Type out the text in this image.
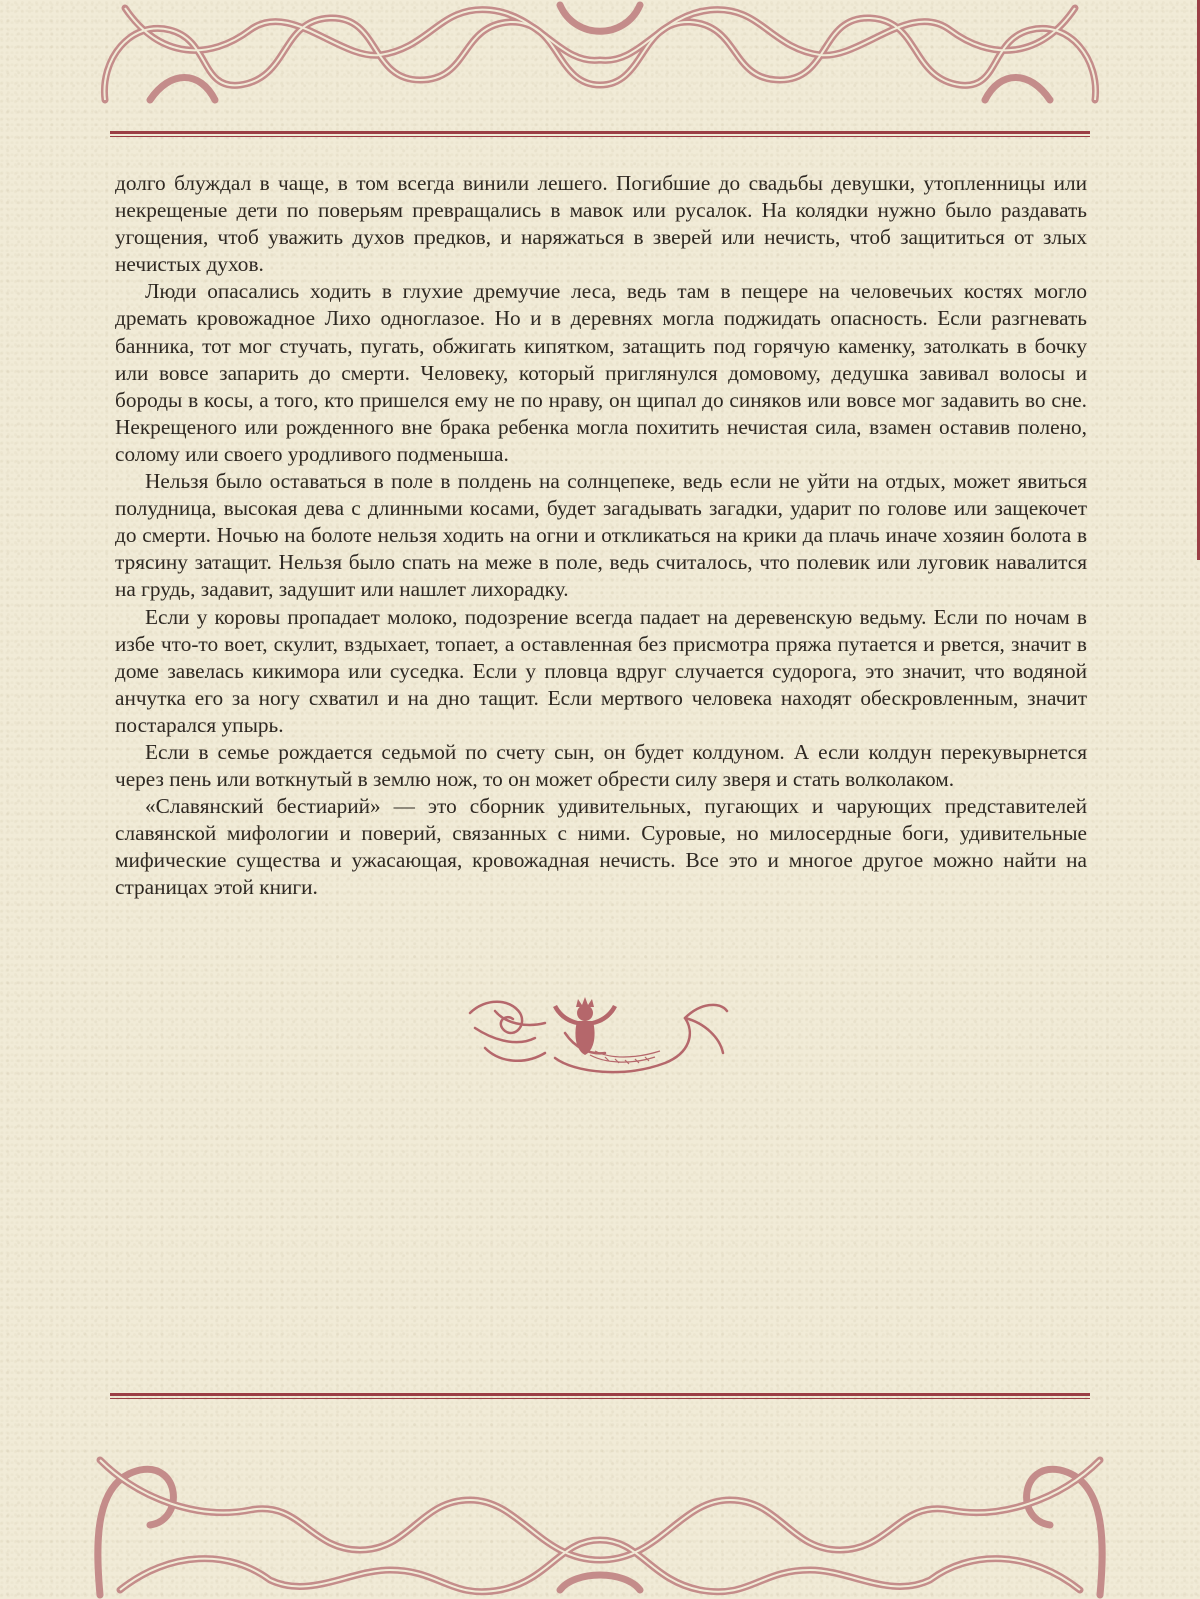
долго блуждал в чаще, в том всегда винили лешего. Погибшие до свадьбы девушки, утопленницы или некрещеные дети по поверьям превращались в мавок или русалок. На колядки нужно было раздавать угощения, чтоб уважить духов предков, и наряжаться в зверей или нечисть, чтоб защититься от злых нечистых духов.

Люди опасались ходить в глухие дремучие леса, ведь там в пещере на человечьих костях могло дремать кровожадное Лихо одноглазое. Но и в деревнях могла поджидать опасность. Если разгневать банника, тот мог стучать, пугать, обжигать кипятком, затащить под горячую каменку, затолкать в бочку или вовсе запарить до смерти. Человеку, который приглянулся домовому, дедушка завивал волосы и бороды в косы, а того, кто пришелся ему не по нраву, он щипал до синяков или вовсе мог задавить во сне. Некрещеного или рожденного вне брака ребенка могла похитить нечистая сила, взамен оставив полено, солому или своего уродливого подменыша.

Нельзя было оставаться в поле в полдень на солнцепеке, ведь если не уйти на отдых, может явиться полудница, высокая дева с длинными косами, будет загадывать загадки, ударит по голове или защекочет до смерти. Ночью на болоте нельзя ходить на огни и откликаться на крики да плачь иначе хозяин болота в трясину затащит. Нельзя было спать на меже в поле, ведь считалось, что полевик или луговик навалится на грудь, задавит, задушит или нашлет лихорадку.

Если у коровы пропадает молоко, подозрение всегда падает на деревенскую ведьму. Если по ночам в избе что-то воет, скулит, вздыхает, топает, а оставленная без присмотра пряжа путается и рвется, значит в доме завелась кикимора или суседка. Если у пловца вдруг случается судорога, это значит, что водяной анчутка его за ногу схватил и на дно тащит. Если мертвого человека находят обескровленным, значит постарался упырь.

Если в семье рождается седьмой по счету сын, он будет колдуном. А если колдун перекувырнется через пень или воткнутый в землю нож, то он может обрести силу зверя и стать волколаком.

«Славянский бестиарий» — это сборник удивительных, пугающих и чарующих представителей славянской мифологии и поверий, связанных с ними. Суровые, но милосердные боги, удивительные мифические существа и ужасающая, кровожадная нечисть. Все это и многое другое можно найти на страницах этой книги.
